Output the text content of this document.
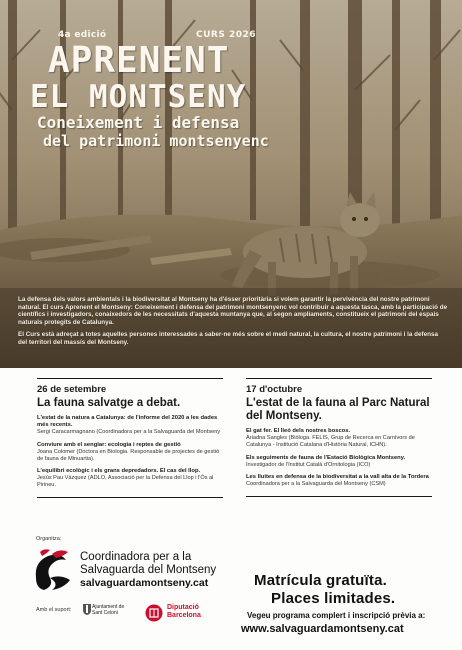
4a edició	CURS 2026
APRENENT
EL MONTSENY
Coneixement i defensa
del patrimoni montsenyenc

La defensa dels valors ambientals i la biodiversitat al Montseny ha d'ésser prioritària si volem garantir la pervivència del nostre patrimoni natural. El curs Aprenent el Montseny: Coneixement i defensa del patrimoni montsenyenc vol contribuir a aquesta tasca, amb la participació de científics i investigadors, conaixedors de les necessitats d'aquesta muntanya que, al segon ampliaments, constitueix el patrimoni del espais naturals protegits de Catalunya.

El Curs està adreçat a totes aquelles persones interessades a saber-ne més sobre el medi natural, la cultura, el nostre patrimoni i la defensa del territori del massís del Montseny.

26 de setembre
La fauna salvatge a debat.
L'estat de la natura a Catalunya: de l'informe del 2020 a les dades més recents.
Sergi Caracarmagnano (Coordinadora per a la Salvaguarda del Montseny
Conviure amb el senglar: ecologia i reptes de gestió
Joana Colomer (Doctora en Biologia. Responsable de projectes de gestió de fauna de Minuartia).
L'equilibri ecològic i els grans depredadors. El cas del llop.
Jesús Pau Vázquez (ADLO, Associació per la Defensa del Llop i l'Ós al Pirineu.
17 d'octubre
L'estat de la fauna al Parc Natural del Montseny.
El gat fer. El lleó dels nostres boscos.
Ariadna Sangles (Biòloga. FELIS, Grup de Recerca en Carnívors de Catalunya - Institució Catalana d'Història Natural, ICHN).
Els seguiments de fauna de l'Estació Biològica Montseny.
Investigador de l'Institut Català d'Ornitologia (ICO)
Les lluites en defensa de la biodiversitat a la vall alta de la Tordera
Coordinadora per a la Salvaguarda del Montseny (CSM)
Organitza:
Coordinadora per a la
Salvaguarda del Montseny
salvaguardamontseny.cat
Amb el suport:	Ajuntament de
Sant Celoni
Diputació
Barcelona
Matrícula gratuïta.
Places limitades.
Vegeu programa complert i inscripció prèvia a:
www.salvaguardamontseny.cat
